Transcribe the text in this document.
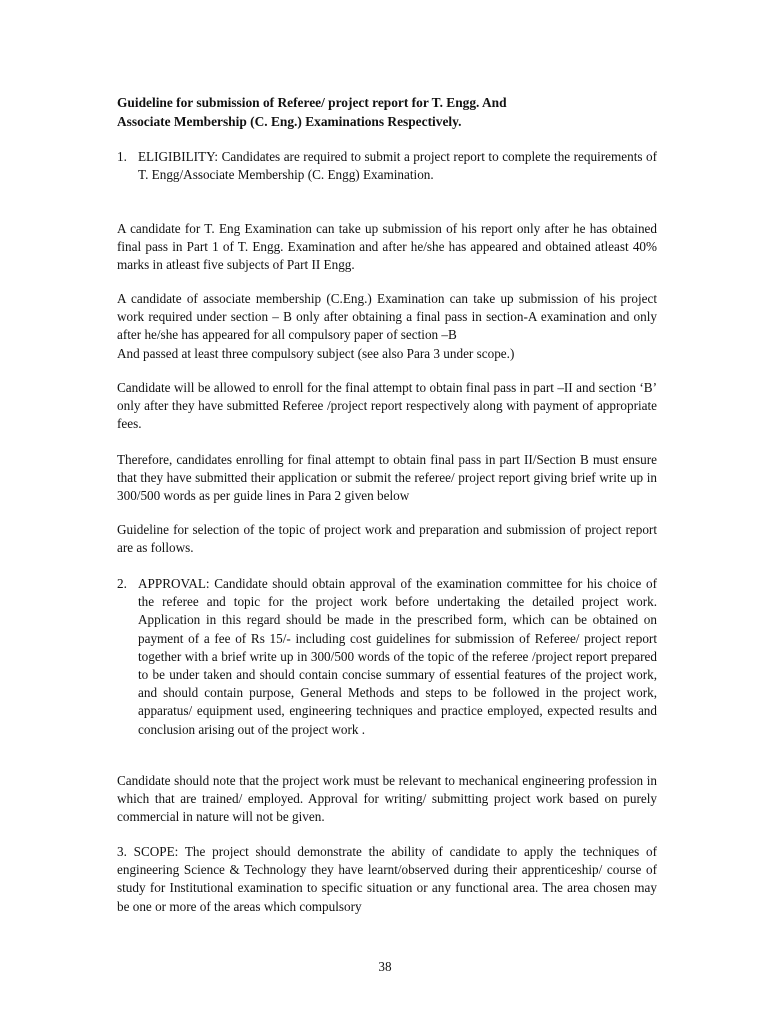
Guideline for submission of Referee/ project report for T. Engg. And
Associate Membership (C. Eng.) Examinations Respectively.
1. ELIGIBILITY: Candidates are required to submit a project report to complete the requirements of T. Engg/Associate Membership (C. Engg) Examination.

A candidate for T. Eng Examination can take up submission of his report only after he has obtained final pass in Part 1 of T. Engg. Examination and after he/she has appeared and obtained atleast 40% marks in atleast five subjects of Part II Engg.

A candidate of associate membership (C.Eng.) Examination can take up submission of his project work required under section – B only after obtaining a final pass in section-A examination and only after he/she has appeared for all compulsory paper of section –B

And passed at least three compulsory subject (see also Para 3 under scope.)

Candidate will be allowed to enroll for the final attempt to obtain final pass in part –II and section ‘B’ only after they have submitted Referee /project report respectively along with payment of appropriate fees.

Therefore, candidates enrolling for final attempt to obtain final pass in part II/Section B must ensure that they have submitted their application or submit the referee/ project report giving brief write up in 300/500 words as per guide lines in Para 2 given below

Guideline for selection of the topic of project work and preparation and submission of project report are as follows.

2. APPROVAL: Candidate should obtain approval of the examination committee for his choice of the referee and topic for the project work before undertaking the detailed project work. Application in this regard should be made in the prescribed form, which can be obtained on payment of a fee of Rs 15/- including cost guidelines for submission of Referee/ project report together with a brief write up in 300/500 words of the topic of the referee /project report prepared to be under taken and should contain concise summary of essential features of the project work, and should contain purpose, General Methods and steps to be followed in the project work, apparatus/ equipment used, engineering techniques and practice employed, expected results and conclusion arising out of the project work .

Candidate should note that the project work must be relevant to mechanical engineering profession in which that are trained/ employed. Approval for writing/ submitting project work based on purely commercial in nature will not be given.

3. SCOPE: The project should demonstrate the ability of candidate to apply the techniques of engineering Science & Technology they have learnt/observed during their apprenticeship/ course of study for Institutional examination to specific situation or any functional area. The area chosen may be one or more of the areas which compulsory

38
